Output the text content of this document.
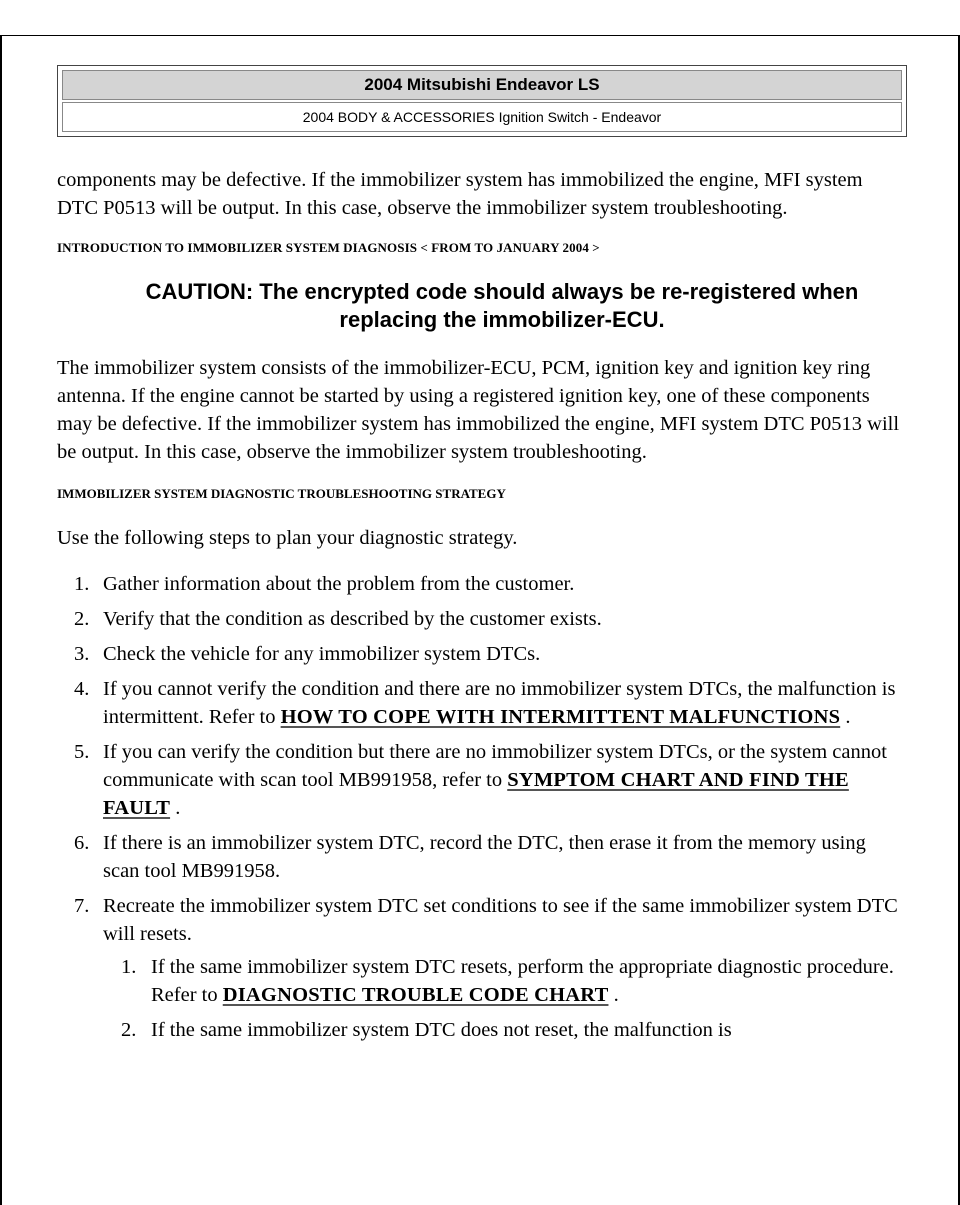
2004 Mitsubishi Endeavor LS
2004 BODY & ACCESSORIES Ignition Switch - Endeavor

components may be defective. If the immobilizer system has immobilized the engine, MFI system DTC P0513 will be output. In this case, observe the immobilizer system troubleshooting.

INTRODUCTION TO IMMOBILIZER SYSTEM DIAGNOSIS < FROM TO JANUARY 2004 >

CAUTION: The encrypted code should always be re-registered when replacing the immobilizer-ECU.

The immobilizer system consists of the immobilizer-ECU, PCM, ignition key and ignition key ring antenna. If the engine cannot be started by using a registered ignition key, one of these components may be defective. If the immobilizer system has immobilized the engine, MFI system DTC P0513 will be output. In this case, observe the immobilizer system troubleshooting.

IMMOBILIZER SYSTEM DIAGNOSTIC TROUBLESHOOTING STRATEGY

Use the following steps to plan your diagnostic strategy.

1. Gather information about the problem from the customer.
2. Verify that the condition as described by the customer exists.
3. Check the vehicle for any immobilizer system DTCs.
4. If you cannot verify the condition and there are no immobilizer system DTCs, the malfunction is intermittent. Refer to HOW TO COPE WITH INTERMITTENT MALFUNCTIONS .
5. If you can verify the condition but there are no immobilizer system DTCs, or the system cannot communicate with scan tool MB991958, refer to SYMPTOM CHART AND FIND THE FAULT .
6. If there is an immobilizer system DTC, record the DTC, then erase it from the memory using scan tool MB991958.
7. Recreate the immobilizer system DTC set conditions to see if the same immobilizer system DTC will resets.
1. If the same immobilizer system DTC resets, perform the appropriate diagnostic procedure. Refer to DIAGNOSTIC TROUBLE CODE CHART .
2. If the same immobilizer system DTC does not reset, the malfunction is
